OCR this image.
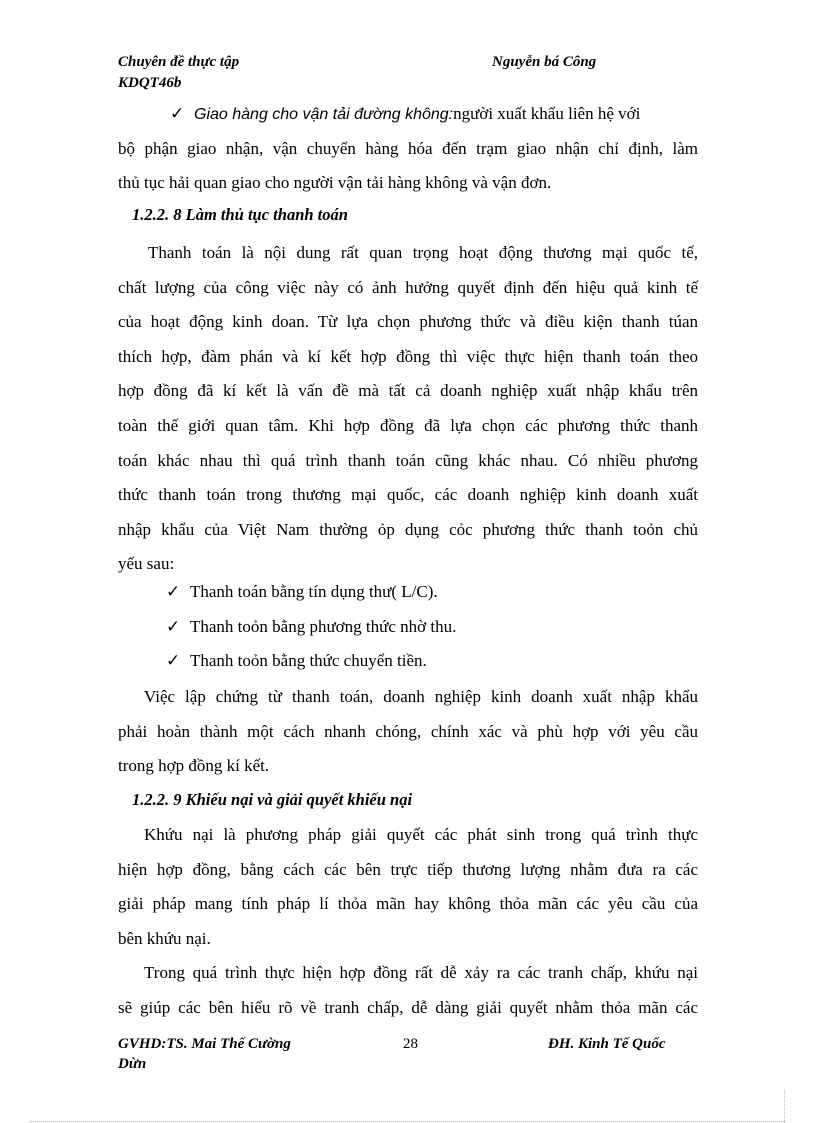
Chuyên đề thực tập
KDQT46b
Nguyễn bá Công
✓ Giao hàng cho vận tải đường không:người xuất khẩu liên hệ với
bộ phận giao nhận, vận chuyển hàng hóa đến trạm giao nhận chỉ định, làm
thủ tục hải quan giao cho người vận tải hàng không và vận đơn.
1.2.2. 8 Làm thủ tục thanh toán
Thanh toán là nội dung rất quan trọng hoạt động thương mại quốc tế,
chất lượng của công việc này có ảnh hưởng quyết định đến hiệu quả kinh tế
của hoạt động kinh doan. Từ lựa chọn phương thức và điều kiện thanh túan
thích hợp, đàm phán và kí kết hợp đồng thì việc thực hiện thanh toán theo
hợp đồng đã kí kết là vấn đề mà tất cả doanh nghiệp xuất nhập khẩu trên
toàn thế giới quan tâm. Khi hợp đồng đã lựa chọn các phương thức thanh
toán khác nhau thì quá trình thanh toán cũng khác nhau. Có nhiều phương
thức thanh toán trong thương mại quốc, các doanh nghiệp kinh doanh xuất
nhập khẩu của Việt Nam thường ỏp dụng cỏc phương thức thanh toỏn chủ
yếu sau:
✓ Thanh toán bằng tín dụng thư( L/C).
✓ Thanh toỏn bằng phương thức nhờ thu.
✓ Thanh toỏn bằng thức chuyển tiền.
Việc lập chứng từ thanh toán, doanh nghiệp kinh doanh xuất nhập khẩu
phải hoàn thành một cách nhanh chóng, chính xác và phù hợp với yêu cầu
trong hợp đồng kí kết.
1.2.2. 9 Khiếu nại và giải quyết khiếu nại
Khứu nại là phương pháp giải quyết các phát sinh trong quá trình thực
hiện hợp đồng, bằng cách các bên trực tiếp thương lượng nhằm đưa ra các
giải pháp mang tính pháp lí thỏa mãn hay không thỏa mãn các yêu cầu của
bên khứu nại.
Trong quá trình thực hiện hợp đồng rất dễ xảy ra các tranh chấp, khứu nại
sẽ giúp các bên hiểu rõ về tranh chấp, dễ dàng giải quyết nhằm thỏa mãn các
GVHD:TS. Mai Thế Cường
Dừn
28	ĐH. Kinh Tế Quốc
